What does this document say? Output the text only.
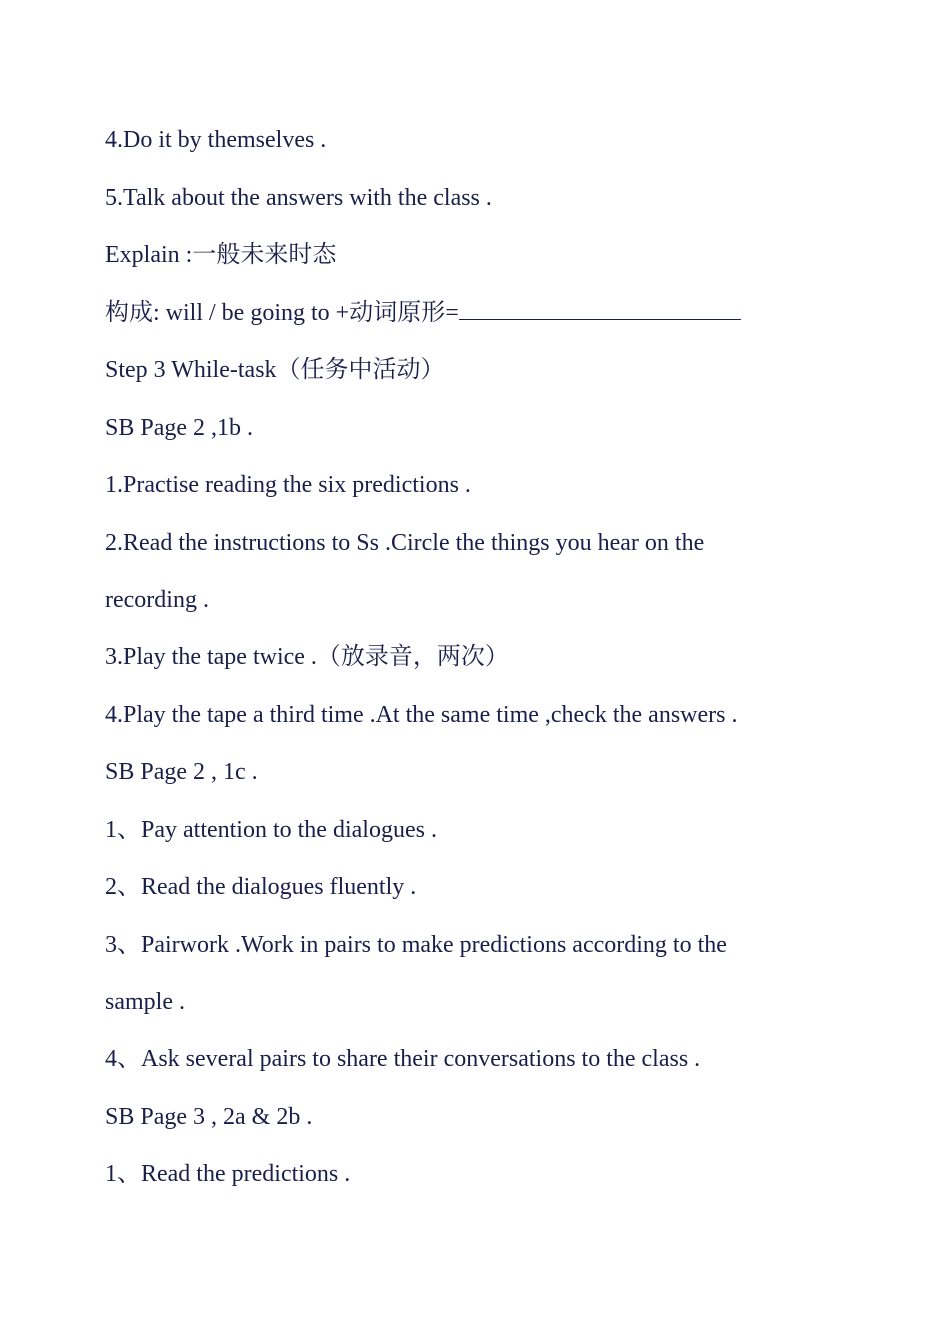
4.Do it by themselves .
5.Talk about the answers with the class .
Explain :一般未来时态
构成: will / be going to +动词原形=
Step 3 While-task（任务中活动）
SB Page 2 ,1b .
1.Practise reading the six predictions .
2.Read the instructions to Ss .Circle the things you hear on the
recording .
3.Play the tape twice .（放录音，两次）
4.Play the tape a third time .At the same time ,check the answers .
SB Page 2 , 1c .
1、Pay attention to the dialogues .
2、Read the dialogues fluently .
3、Pairwork .Work in pairs to make predictions according to the
sample .
4、Ask several pairs to share their conversations to the class .
SB Page 3 , 2a & 2b .
1、Read the predictions .
